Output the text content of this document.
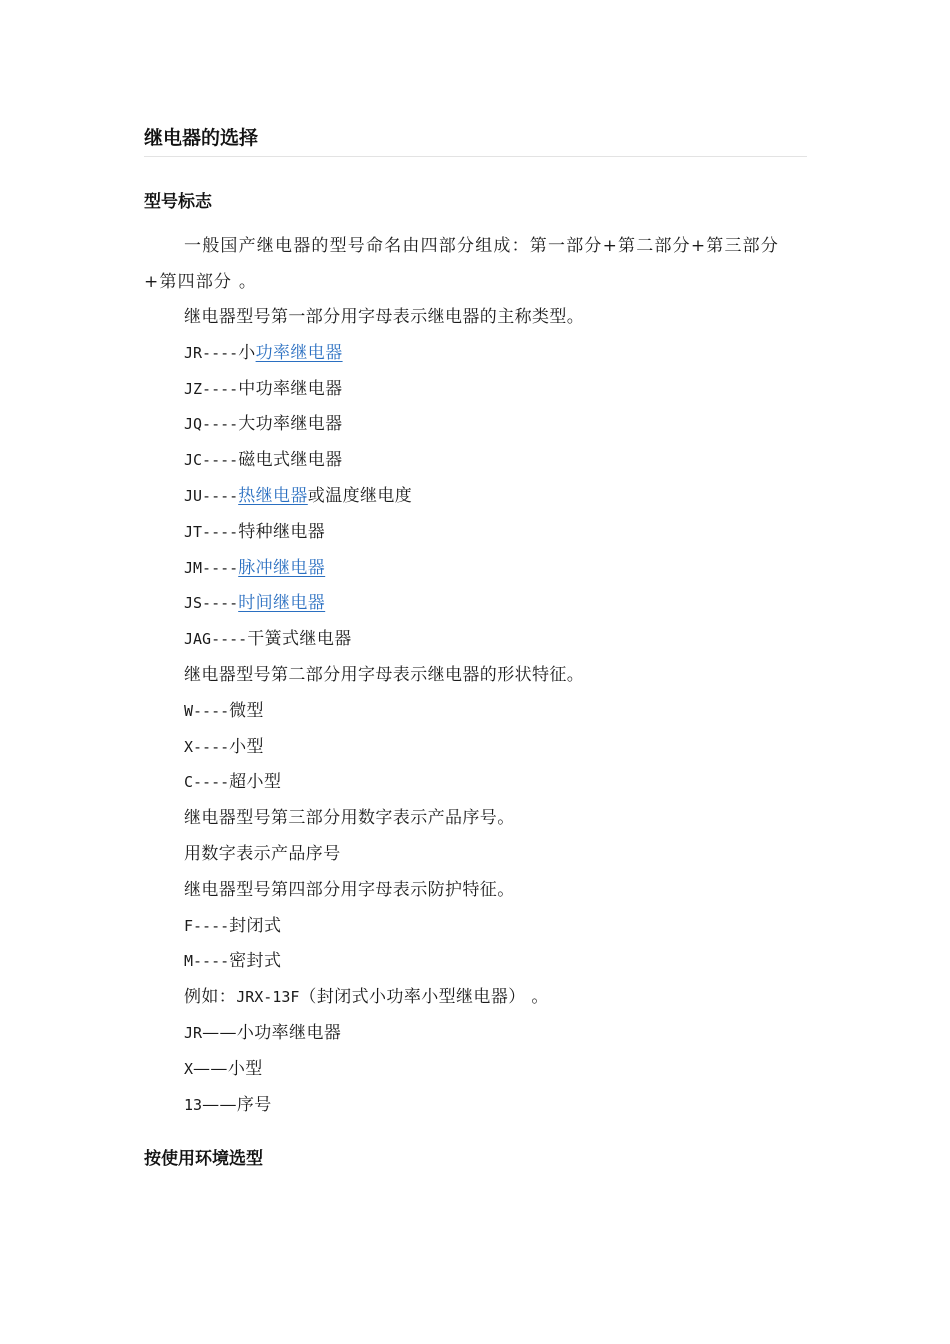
继电器的选择
型号标志
一般国产继电器的型号命名由四部分组成：第一部分+第二部分+第三部分+第四部分 。
继电器型号第一部分用字母表示继电器的主称类型。
JR----小功率继电器
JZ----中功率继电器
JQ----大功率继电器
JC----磁电式继电器
JU----热继电器或温度继电度
JT----特种继电器
JM----脉冲继电器
JS----时间继电器
JAG----干簧式继电器
继电器型号第二部分用字母表示继电器的形状特征。
W----微型
X----小型
C----超小型
继电器型号第三部分用数字表示产品序号。
用数字表示产品序号
继电器型号第四部分用字母表示防护特征。
F----封闭式
M----密封式
例如：JRX-13F（封闭式小功率小型继电器） 。
JR——小功率继电器
X——小型
13——序号
按使用环境选型
